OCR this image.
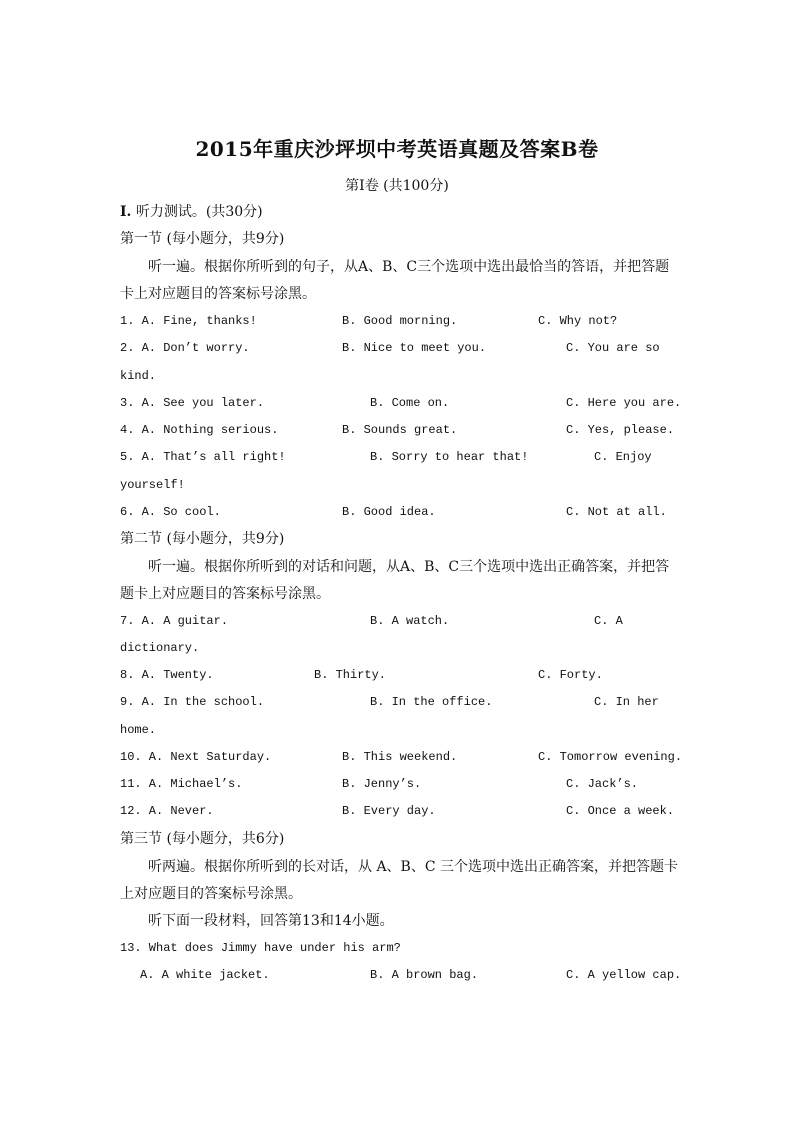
2015年重庆沙坪坝中考英语真题及答案B卷
第Ⅰ卷 (共100分)
I. 听力测试。(共30分)
第一节 (每小题分，共9分)
听一遍。根据你所听到的句子，从A、B、C三个选项中选出最恰当的答语，并把答题
卡上对应题目的答案标号涂黑。
1. A. Fine, thanks!	B. Good morning.	C. Why not?
2. A. Don’t worry.	B. Nice to meet you.	C. You are so
kind.
3. A. See you later.	B. Come on.	C. Here you are.
4. A. Nothing serious.	B. Sounds great.	C. Yes, please.
5. A. That’s all right!	B. Sorry to hear that!	C. Enjoy
yourself!
6. A. So cool.	B. Good idea.	C. Not at all.
第二节 (每小题分，共9分)
听一遍。根据你所听到的对话和问题，从A、B、C三个选项中选出正确答案，并把答
题卡上对应题目的答案标号涂黑。
7. A. A guitar.	B. A watch.	C. A
dictionary.
8. A. Twenty.	B. Thirty.	C. Forty.
9. A. In the school.	B. In the office.	C. In her
home.
10. A. Next Saturday.	B. This weekend.	C. Tomorrow evening.
11. A. Michael’s.	B. Jenny’s.	C. Jack’s.
12. A. Never.	B. Every day.	C. Once a week.
第三节 (每小题分，共6分)
听两遍。根据你所听到的长对话，从 A、B、C 三个选项中选出正确答案，并把答题卡
上对应题目的答案标号涂黑。
听下面一段材料，回答第13和14小题。
13. What does Jimmy have under his arm?
A. A white jacket.	B. A brown bag.	C. A yellow cap.
